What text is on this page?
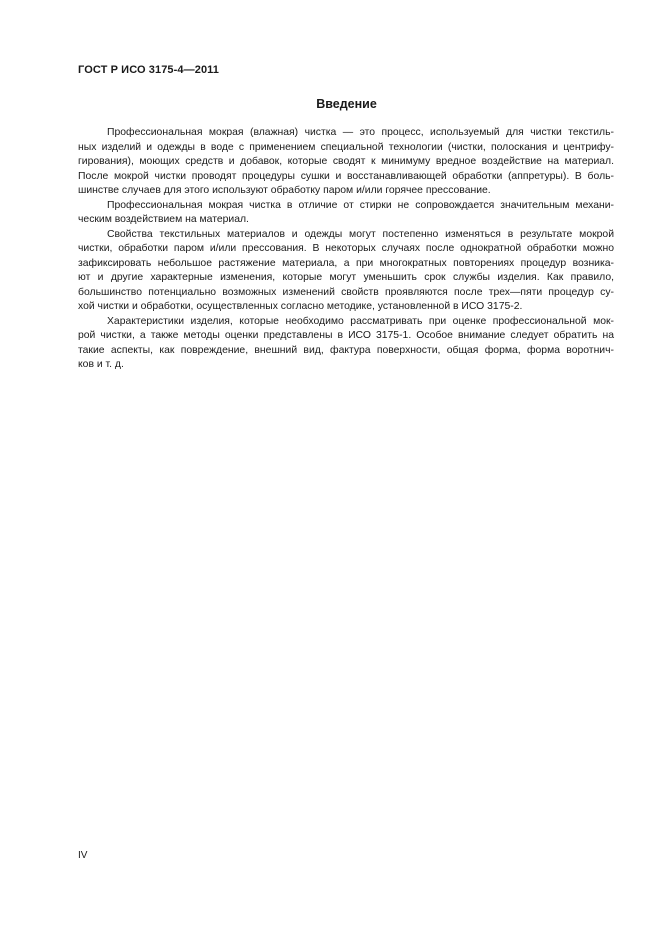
ГОСТ Р ИСО 3175-4—2011
Введение

Профессиональная мокрая (влажная) чистка — это процесс, используемый для чистки текстиль-
ных изделий и одежды в воде с применением специальной технологии (чистки, полоскания и центрифу-
гирования), моющих средств и добавок, которые сводят к минимуму вредное воздействие на материал.
После мокрой чистки проводят процедуры сушки и восстанавливающей обработки (аппретуры). В боль-
шинстве случаев для этого используют обработку паром и/или горячее прессование.

Профессиональная мокрая чистка в отличие от стирки не сопровождается значительным механи-
ческим воздействием на материал.

Свойства текстильных материалов и одежды могут постепенно изменяться в результате мокрой
чистки, обработки паром и/или прессования. В некоторых случаях после однократной обработки можно
зафиксировать небольшое растяжение материала, а при многократных повторениях процедур возника-
ют и другие характерные изменения, которые могут уменьшить срок службы изделия. Как правило,
большинство потенциально возможных изменений свойств проявляются после трех—пяти процедур су-
хой чистки и обработки, осуществленных согласно методике, установленной в ИСО 3175-2.

Характеристики изделия, которые необходимо рассматривать при оценке профессиональной мок-
рой чистки, а также методы оценки представлены в ИСО 3175-1. Особое внимание следует обратить на
такие аспекты, как повреждение, внешний вид, фактура поверхности, общая форма, форма воротнич-
ков и т. д.

IV
